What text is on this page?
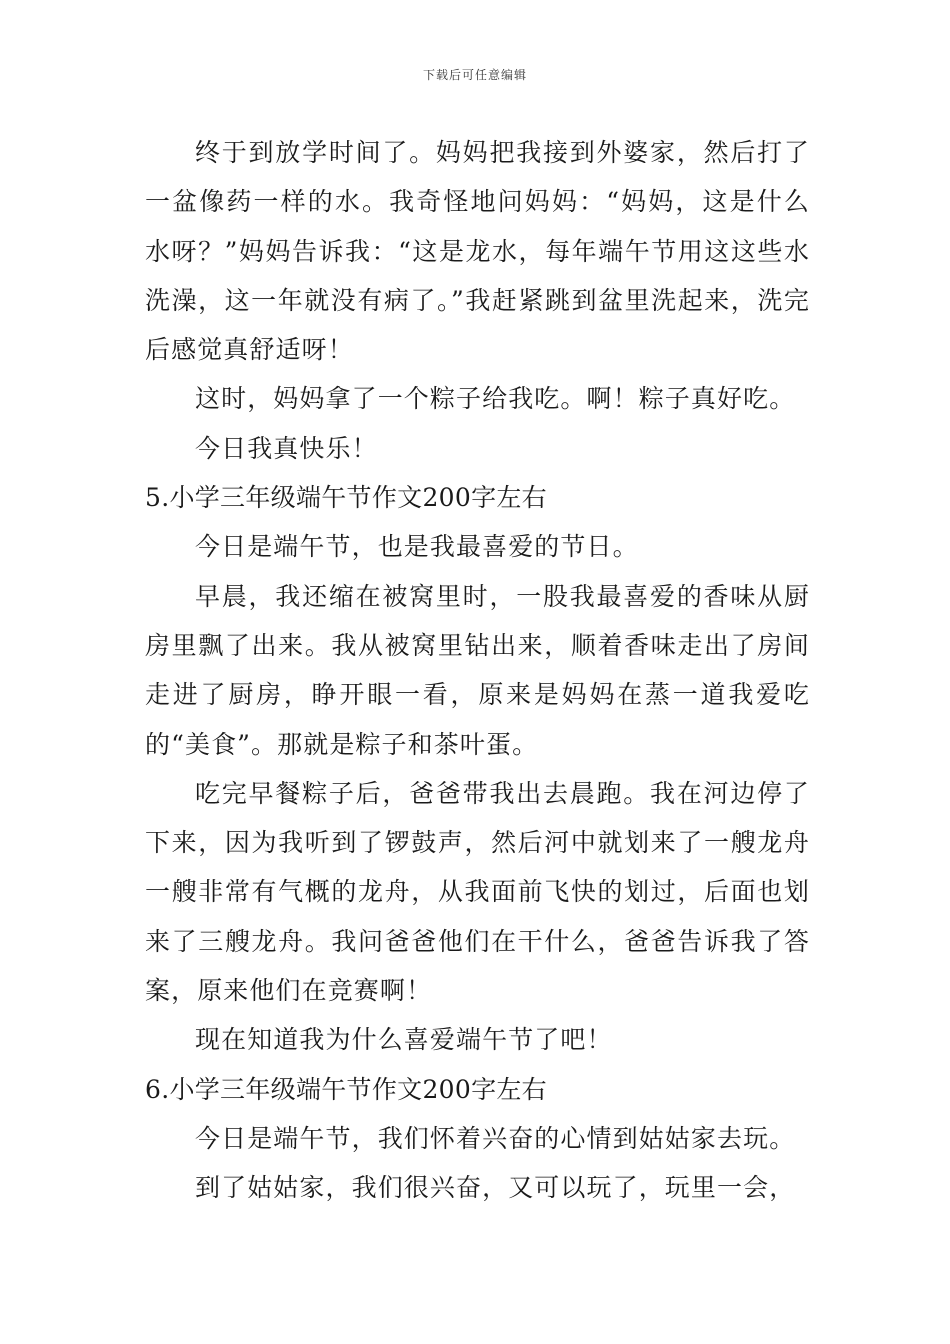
下载后可任意编辑

终于到放学时间了。妈妈把我接到外婆家，然后打了一盆像药一样的水。我奇怪地问妈妈：“妈妈，这是什么水呀？”妈妈告诉我：“这是龙水，每年端午节用这这些水洗澡，这一年就没有病了。”我赶紧跳到盆里洗起来，洗完后感觉真舒适呀！

这时，妈妈拿了一个粽子给我吃。啊！粽子真好吃。

今日我真快乐！

5.小学三年级端午节作文200字左右

今日是端午节，也是我最喜爱的节日。

早晨，我还缩在被窝里时，一股我最喜爱的香味从厨房里飘了出来。我从被窝里钻出来，顺着香味走出了房间走进了厨房，睁开眼一看，原来是妈妈在蒸一道我爱吃的“美食”。那就是粽子和茶叶蛋。

吃完早餐粽子后，爸爸带我出去晨跑。我在河边停了下来，因为我听到了锣鼓声，然后河中就划来了一艘龙舟一艘非常有气概的龙舟，从我面前飞快的划过，后面也划来了三艘龙舟。我问爸爸他们在干什么，爸爸告诉我了答案，原来他们在竞赛啊！

现在知道我为什么喜爱端午节了吧！

6.小学三年级端午节作文200字左右

今日是端午节，我们怀着兴奋的心情到姑姑家去玩。

到了姑姑家，我们很兴奋，又可以玩了，玩里一会，
